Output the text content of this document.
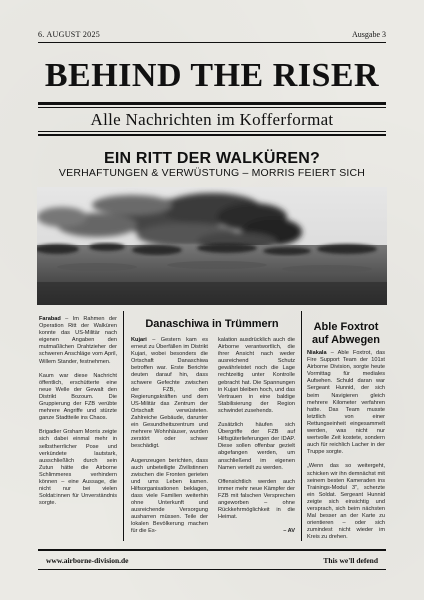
6. AUGUST 2025	Ausgabe 3
BEHIND THE RISER
Alle Nachrichten im Kofferformat
EIN RITT DER WALKÜREN?
VERHAFTUNGEN & VERWÜSTUNG – MORRIS FEIERT SICH

Farabad – Im Rahmen der Operation Ritt der Walküren konnte das US-Militär nach eigenen Angaben den mutmaßlichen Drahtzieher der schweren Anschläge vom April, Willem Stander, festnehmen.

Kaum war diese Nachricht öffentlich, erschütterte eine neue Welle der Gewalt den Distrikt Bozoum. Die Gruppierung der FZB verübte mehrere Angriffe und stürzte ganze Stadtteile ins Chaos.

Brigadier Grsham Morris zeigte sich dabei einmal mehr in selbstherrlicher Pose und verkündete lautstark, ausschließlich durch sein Zutun hätte die Airborne Schlimmeres verhindern können – eine Aussage, die nicht nur bei vielen Soldat:innen für Unverständnis sorgte.

Danaschiwa in Trümmern

Kujari – Gestern kam es erneut zu Überfällen im Distrikt Kujari, wobei besonders die Ortschaft Danaschiwa betroffen war. Erste Berichte deuten darauf hin, dass schwere Gefechte zwischen der FZB, den Regierungskräften und dem US-Militär das Zentrum der Ortschaft verwüsteten. Zahlreiche Gebäude, darunter ein Gesundheitszentrum und mehrere Wohnhäuser, wurden zerstört oder schwer beschädigt.

Augenzeugen berichten, dass auch unbeteiligte Zivilistinnen zwischen die Fronten gerieten und ums Leben kamen. Hilfsorganisationen beklagen, dass viele Familien weiterhin ohne Unterkunft und ausreichende Versorgung ausharren müssen. Teile der lokalen Bevölkerung machen für die Es-

kalation ausdrücklich auch die Airborne verantwortlich, die ihrer Ansicht nach weder ausreichend Schutz gewährleistet noch die Lage rechtzeitig unter Kontrolle gebracht hat. Die Spannungen in Kujari bleiben hoch, und das Vertrauen in eine baldige Stabilisierung der Region schwindet zusehends.

Zusätzlich häufen sich Übergriffe der FZB auf Hilfsgüterlieferungen der IDAP. Diese sollen offenbar gezielt abgefangen werden, um anschließend im eigenen Namen verteilt zu werden.

Offensichtlich werden auch immer mehr neue Kämpfer der FZB mit falschen Versprechen angeworben – ohne Rückkehrmöglichkeit in die Heimat.

– AV
Able Foxtrot auf Abwegen

Niakala – Able Foxtrot, das Fire Support Team der 101st Airborne Division, sorgte heute Vormittag für mediales Aufsehen. Schuld daran war Sergeant Hunnid, der sich beim Navigieren gleich mehrere Kilometer verfahren hatte. Das Team musste letztlich von einer Rettungseinheit eingesammelt werden, was nicht nur wertvolle Zeit kostete, sondern auch für reichlich Lacher in der Truppe sorgte.

„Wenn das so weitergeht, schicken wir ihn demnächst mit seinem besten Kameraden ins Trainings-Modul 3", scherzte ein Soldat. Sergeant Hunnid zeigte sich einsichtig und versprach, sich beim nächsten Mal besser an der Karte zu orientieren – oder sich zumindest nicht wieder im Kreis zu drehen.

www.airborne-division.de	This we'll defend
